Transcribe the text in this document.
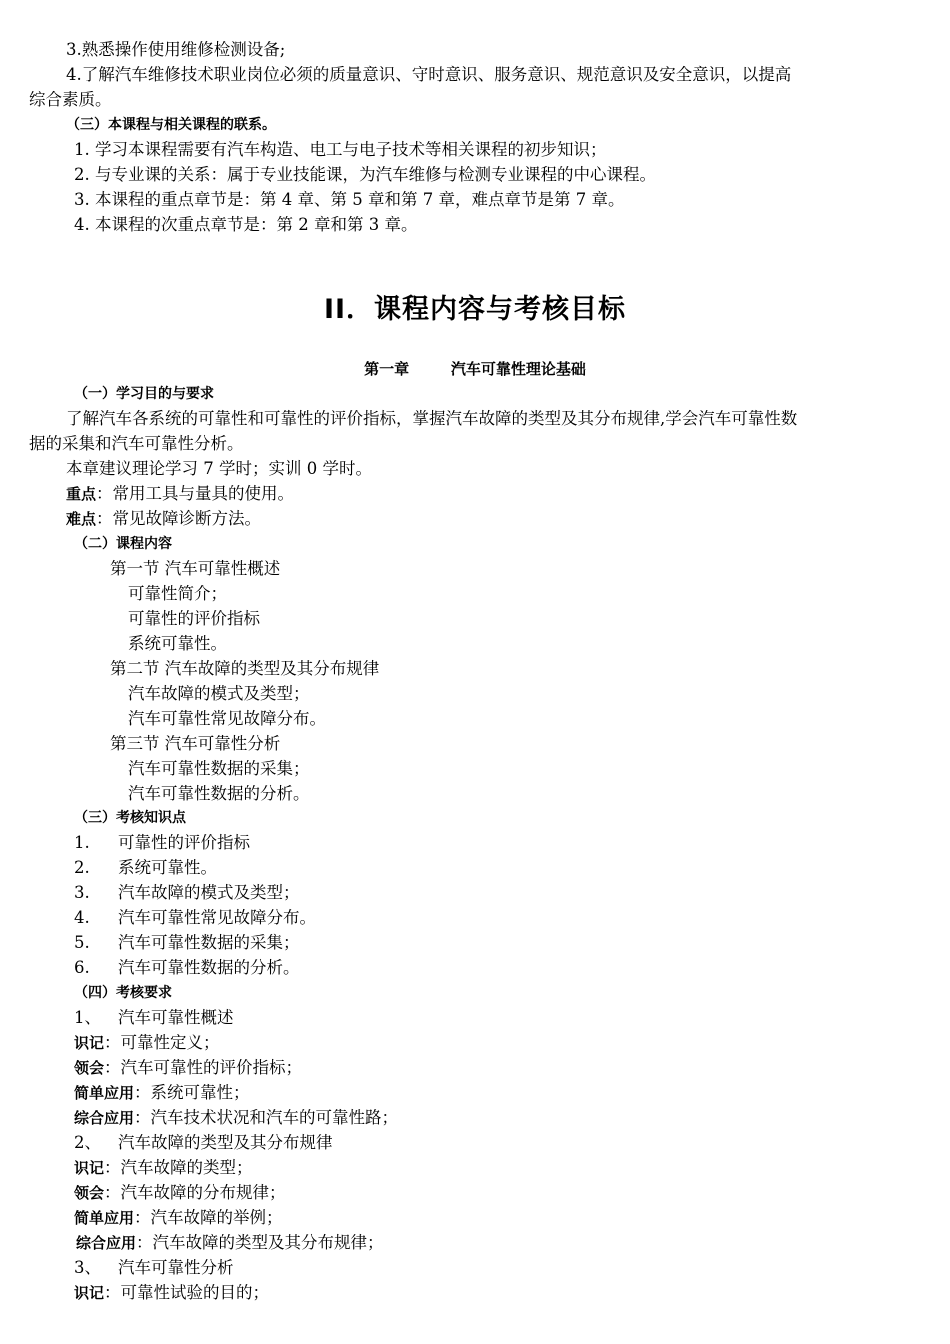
3.熟悉操作使用维修检测设备;
4.了解汽车维修技术职业岗位必须的质量意识、守时意识、服务意识、规范意识及安全意识，以提高
综合素质。
（三）本课程与相关课程的联系。
1. 学习本课程需要有汽车构造、电工与电子技术等相关课程的初步知识；
2. 与专业课的关系：属于专业技能课，为汽车维修与检测专业课程的中心课程。
3. 本课程的重点章节是：第 4 章、第 5 章和第 7 章，难点章节是第 7 章。
4. 本课程的次重点章节是：第 2 章和第 3 章。
II．课程内容与考核目标
第一章        汽车可靠性理论基础
（一）学习目的与要求
了解汽车各系统的可靠性和可靠性的评价指标，掌握汽车故障的类型及其分布规律,学会汽车可靠性数
据的采集和汽车可靠性分析。
本章建议理论学习 7 学时；实训 0 学时。
重点：常用工具与量具的使用。
难点：常见故障诊断方法。
（二）课程内容
第一节 汽车可靠性概述
可靠性简介；
可靠性的评价指标
系统可靠性。
第二节 汽车故障的类型及其分布规律
汽车故障的模式及类型；
汽车可靠性常见故障分布。
第三节 汽车可靠性分析
汽车可靠性数据的采集；
汽车可靠性数据的分析。
（三）考核知识点
1. 可靠性的评价指标
2. 系统可靠性。
3. 汽车故障的模式及类型；
4. 汽车可靠性常见故障分布。
5. 汽车可靠性数据的采集；
6. 汽车可靠性数据的分析。
（四）考核要求
1、 汽车可靠性概述
识记：可靠性定义；
领会：汽车可靠性的评价指标；
简单应用：系统可靠性；
综合应用：汽车技术状况和汽车的可靠性路；
2、 汽车故障的类型及其分布规律
识记：汽车故障的类型；
领会：汽车故障的分布规律；
简单应用：汽车故障的举例；
综合应用：汽车故障的类型及其分布规律；
3、 汽车可靠性分析
识记：可靠性试验的目的；
